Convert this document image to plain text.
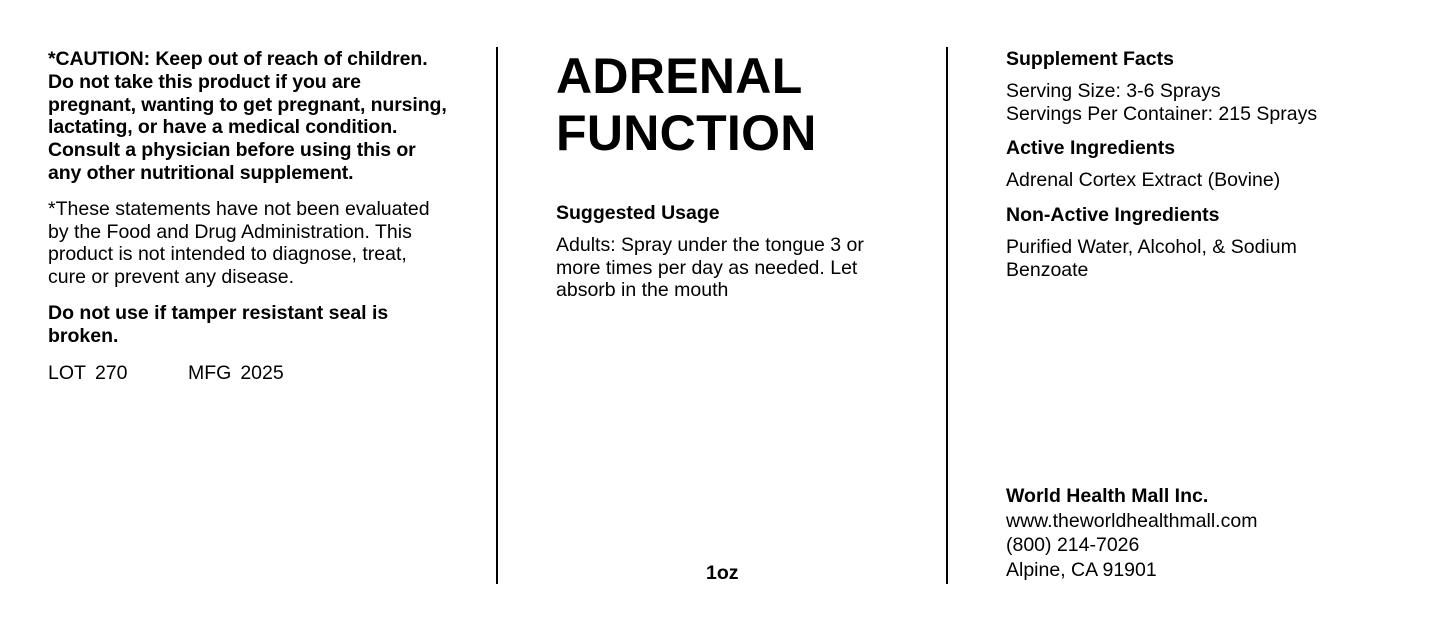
*CAUTION: Keep out of reach of children. Do not take this product if you are pregnant, wanting to get pregnant, nursing, lactating, or have a medical condition. Consult a physician before using this or any other nutritional supplement.

*These statements have not been evaluated by the Food and Drug Administration. This product is not intended to diagnose, treat, cure or prevent any disease.

Do not use if tamper resistant seal is broken.

LOT 270	MFG 2025
ADRENAL
FUNCTION
Suggested Usage

Adults: Spray under the tongue 3 or more times per day as needed. Let absorb in the mouth

1oz
Supplement Facts

Serving Size: 3-6 Sprays

Servings Per Container: 215 Sprays

Active Ingredients

Adrenal Cortex Extract (Bovine)

Non-Active Ingredients

Purified Water, Alcohol, & Sodium Benzoate

World Health Mall Inc.
www.theworldhealthmall.com
(800) 214-7026
Alpine, CA 91901
